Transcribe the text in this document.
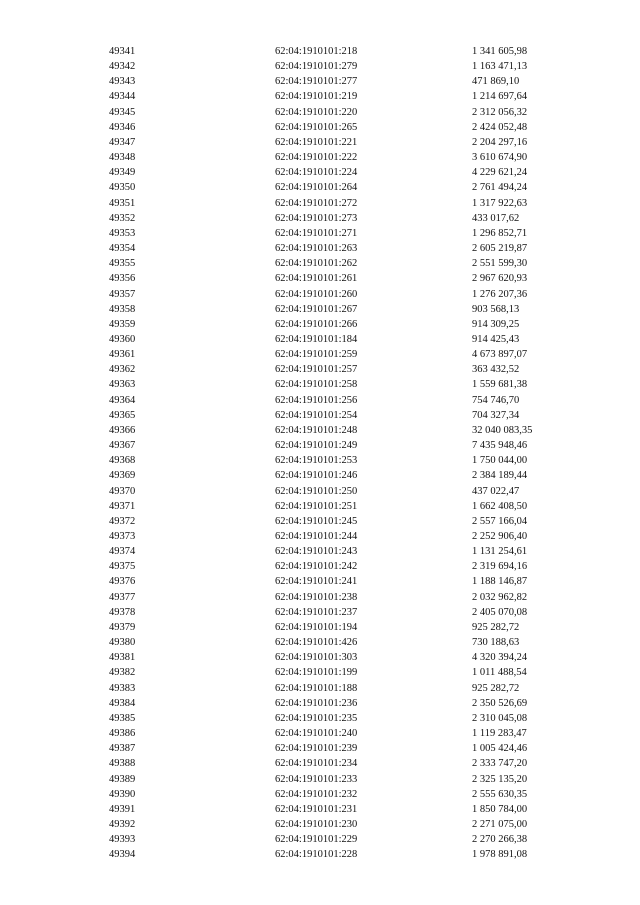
49341	62:04:1910101:218	1 341 605,98
49342	62:04:1910101:279	1 163 471,13
49343	62:04:1910101:277	471 869,10
49344	62:04:1910101:219	1 214 697,64
49345	62:04:1910101:220	2 312 056,32
49346	62:04:1910101:265	2 424 052,48
49347	62:04:1910101:221	2 204 297,16
49348	62:04:1910101:222	3 610 674,90
49349	62:04:1910101:224	4 229 621,24
49350	62:04:1910101:264	2 761 494,24
49351	62:04:1910101:272	1 317 922,63
49352	62:04:1910101:273	433 017,62
49353	62:04:1910101:271	1 296 852,71
49354	62:04:1910101:263	2 605 219,87
49355	62:04:1910101:262	2 551 599,30
49356	62:04:1910101:261	2 967 620,93
49357	62:04:1910101:260	1 276 207,36
49358	62:04:1910101:267	903 568,13
49359	62:04:1910101:266	914 309,25
49360	62:04:1910101:184	914 425,43
49361	62:04:1910101:259	4 673 897,07
49362	62:04:1910101:257	363 432,52
49363	62:04:1910101:258	1 559 681,38
49364	62:04:1910101:256	754 746,70
49365	62:04:1910101:254	704 327,34
49366	62:04:1910101:248	32 040 083,35
49367	62:04:1910101:249	7 435 948,46
49368	62:04:1910101:253	1 750 044,00
49369	62:04:1910101:246	2 384 189,44
49370	62:04:1910101:250	437 022,47
49371	62:04:1910101:251	1 662 408,50
49372	62:04:1910101:245	2 557 166,04
49373	62:04:1910101:244	2 252 906,40
49374	62:04:1910101:243	1 131 254,61
49375	62:04:1910101:242	2 319 694,16
49376	62:04:1910101:241	1 188 146,87
49377	62:04:1910101:238	2 032 962,82
49378	62:04:1910101:237	2 405 070,08
49379	62:04:1910101:194	925 282,72
49380	62:04:1910101:426	730 188,63
49381	62:04:1910101:303	4 320 394,24
49382	62:04:1910101:199	1 011 488,54
49383	62:04:1910101:188	925 282,72
49384	62:04:1910101:236	2 350 526,69
49385	62:04:1910101:235	2 310 045,08
49386	62:04:1910101:240	1 119 283,47
49387	62:04:1910101:239	1 005 424,46
49388	62:04:1910101:234	2 333 747,20
49389	62:04:1910101:233	2 325 135,20
49390	62:04:1910101:232	2 555 630,35
49391	62:04:1910101:231	1 850 784,00
49392	62:04:1910101:230	2 271 075,00
49393	62:04:1910101:229	2 270 266,38
49394	62:04:1910101:228	1 978 891,08
